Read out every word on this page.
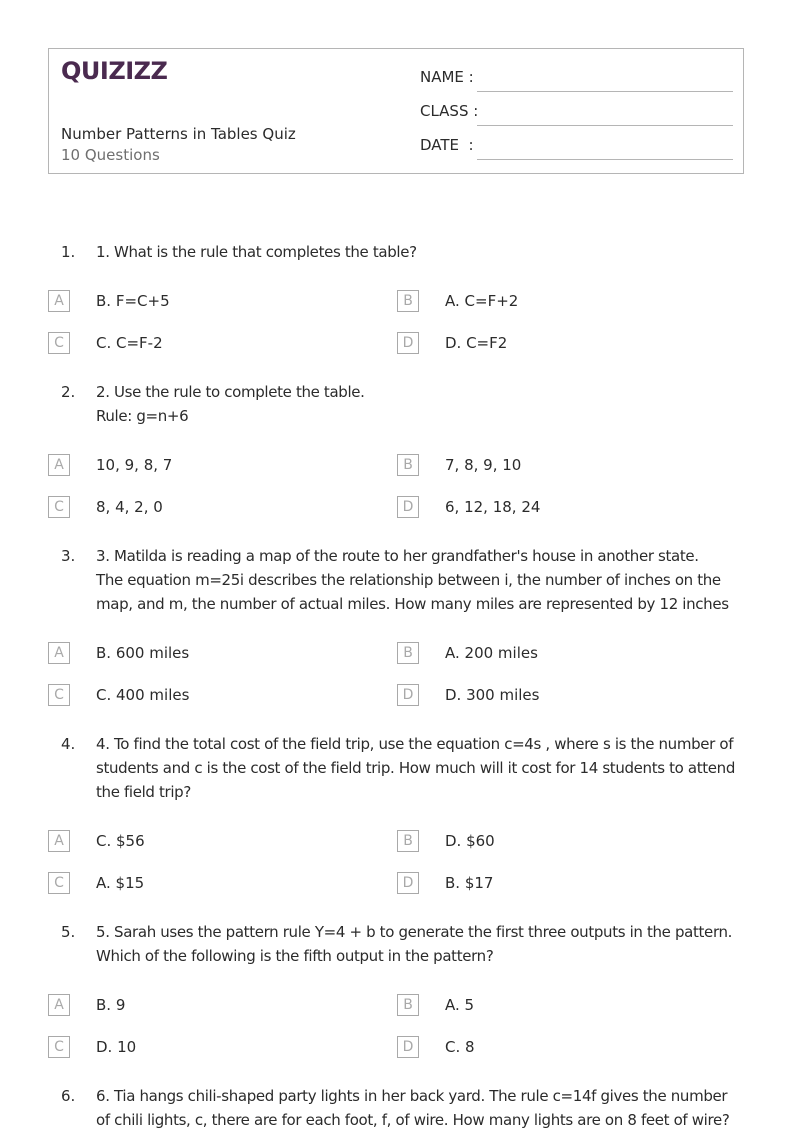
QUIZIZZ
Number Patterns in Tables Quiz
10 Questions
NAME :
CLASS :
DATE  :
1. 1. What is the rule that completes the table?
A	B. F=C+5	B	A. C=F+2
C	C. C=F-2	D	D. C=F2
2. 2. Use the rule to complete the table.
Rule: g=n+6
A	10, 9, 8, 7	B	7, 8, 9, 10
C	8, 4, 2, 0	D	6, 12, 18, 24
3. 3. Matilda is reading a map of the route to her grandfather's house in another state.
The equation m=25i describes the relationship between i, the number of inches on the
map, and m, the number of actual miles. How many miles are represented by 12 inches
A	B. 600 miles	B	A. 200 miles
C	C. 400 miles	D	D. 300 miles
4. 4. To find the total cost of the field trip, use the equation c=4s , where s is the number of
students and c is the cost of the field trip. How much will it cost for 14 students to attend
the field trip?
A	C. $56	B	D. $60
C	A. $15	D	B. $17
5. 5. Sarah uses the pattern rule Y=4 + b to generate the first three outputs in the pattern.
Which of the following is the fifth output in the pattern?
A	B. 9	B	A. 5
C	D. 10	D	C. 8
6. 6. Tia hangs chili-shaped party lights in her back yard. The rule c=14f gives the number
of chili lights, c, there are for each foot, f, of wire. How many lights are on 8 feet of wire?
